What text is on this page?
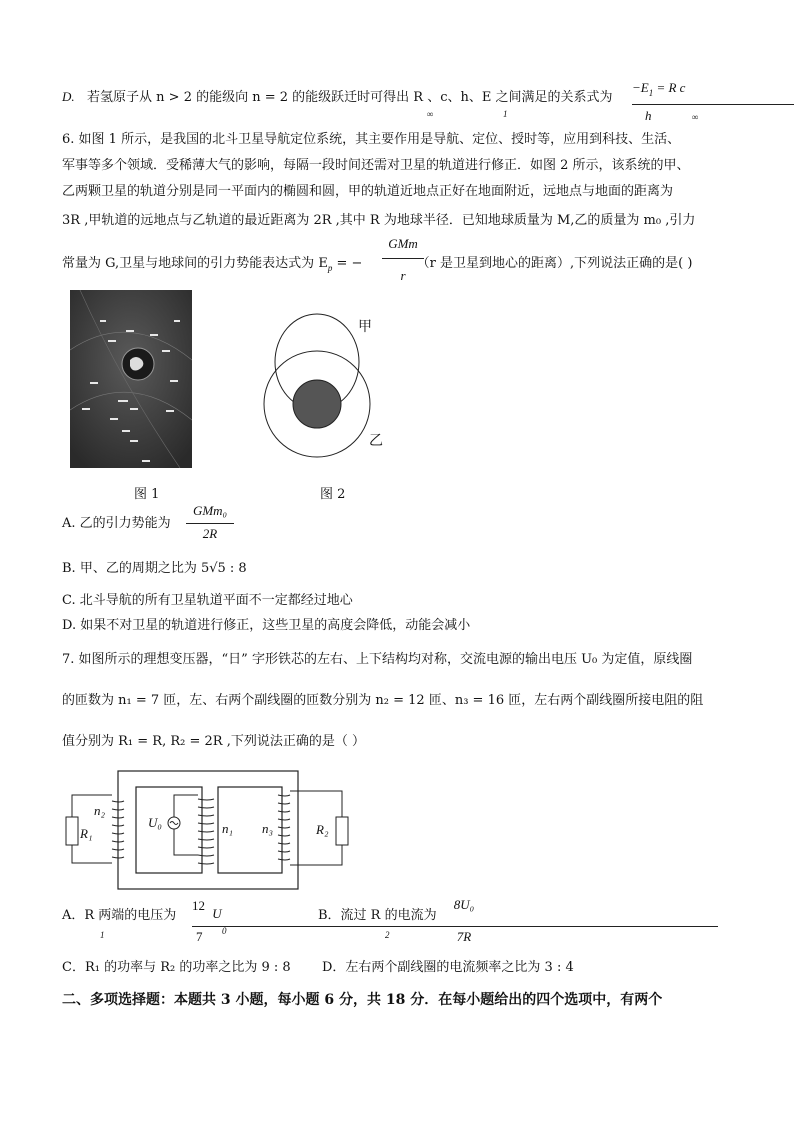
D. 若氢原子从 n > 2 的能级向 n = 2 的能级跃迁时可得出 R 、c、h、E 之间满足的关系式为
∞	1
$-E_1 = R$ c
h	∞
6. 如图 1 所示，是我国的北斗卫星导航定位系统，其主要作用是导航、定位、授时等，应用到科技、生活、
军事等多个领域．受稀薄大气的影响，每隔一段时间还需对卫星的轨道进行修正．如图 2 所示，该系统的甲、
乙两颗卫星的轨道分别是同一平面内的椭圆和圆，甲的轨道近地点正好在地面附近，远地点与地面的距离为
3R ,甲轨道的远地点与乙轨道的最近距离为 2R ,其中 R 为地球半径．已知地球质量为 M,乙的质量为 m₀ ,引力
常量为 G,卫星与地球间的引力势能表达式为 $E_p$ = −	（r 是卫星到地心的距离）,下列说法正确的是( )
GMm
r
图 1
甲
乙
图 2
A. 乙的引力势能为
GMm₀
2R
B. 甲、乙的周期之比为 5√5 : 8
C. 北斗导航的所有卫星轨道平面不一定都经过地心
D. 如果不对卫星的轨道进行修正，这些卫星的高度会降低，动能会减小
7. 如图所示的理想变压器，“日” 字形铁芯的左右、上下结构均对称，交流电源的输出电压 U₀ 为定值，原线圈
的匝数为 n₁ = 7 匝，左、右两个副线圈的匝数分别为 n₂ = 12 匝、n₃ = 16 匝，左右两个副线圈所接电阻的阻
值分别为 R₁ = R, R₂ = 2R ,下列说法正确的是（ ）
n₂
R₁
U₀	n₁ n₃	R₂
A．R 两端的电压为
1
12 U
7 0
B．流过 R 的电流为
2
8U₀
7R
C．R₁ 的功率与 R₂ 的功率之比为 9 : 8 D．左右两个副线圈的电流频率之比为 3 : 4
二、多项选择题：本题共 3 小题，每小题 6 分，共 18 分．在每小题给出的四个选项中，有两个
